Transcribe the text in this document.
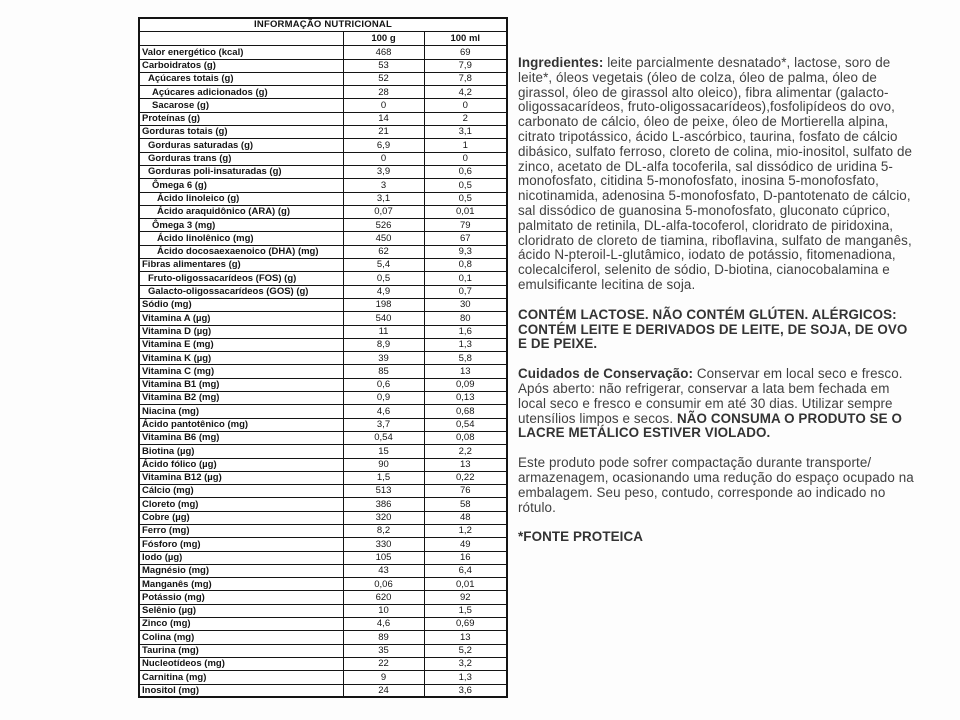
INFORMAÇÃO NUTRICIONAL		
	100 g	100 ml
Valor energético (kcal)	468	69
Carboidratos (g)	53	7,9
Açúcares totais (g)	52	7,8
Açúcares adicionados (g)	28	4,2
Sacarose (g)	0	0
Proteínas (g)	14	2
Gorduras totais (g)	21	3,1
Gorduras saturadas (g)	6,9	1
Gorduras trans (g)	0	0
Gorduras poli-insaturadas (g)	3,9	0,6
Ômega 6 (g)	3	0,5
Ácido linoleico (g)	3,1	0,5
Ácido araquidônico (ARA) (g)	0,07	0,01
Ômega 3 (mg)	526	79
Ácido linolênico (mg)	450	67
Ácido docosaexaenoico (DHA) (mg)	62	9,3
Fibras alimentares (g)	5,4	0,8
Fruto-oligossacarídeos (FOS) (g)	0,5	0,1
Galacto-oligossacarídeos (GOS) (g)	4,9	0,7
Sódio (mg)	198	30
Vitamina A (µg)	540	80
Vitamina D (µg)	11	1,6
Vitamina E (mg)	8,9	1,3
Vitamina K (µg)	39	5,8
Vitamina C (mg)	85	13
Vitamina B1 (mg)	0,6	0,09
Vitamina B2 (mg)	0,9	0,13
Niacina (mg)	4,6	0,68
Ácido pantotênico (mg)	3,7	0,54
Vitamina B6 (mg)	0,54	0,08
Biotina (µg)	15	2,2
Ácido fólico (µg)	90	13
Vitamina B12 (µg)	1,5	0,22
Cálcio (mg)	513	76
Cloreto (mg)	386	58
Cobre (µg)	320	48
Ferro (mg)	8,2	1,2
Fósforo (mg)	330	49
Iodo (µg)	105	16
Magnésio (mg)	43	6,4
Manganês (mg)	0,06	0,01
Potássio (mg)	620	92
Selênio (µg)	10	1,5
Zinco (mg)	4,6	0,69
Colina (mg)	89	13
Taurina (mg)	35	5,2
Nucleotídeos (mg)	22	3,2
Carnitina (mg)	9	1,3
Inositol (mg)	24	3,6

Ingredientes: leite parcialmente desnatado*, lactose, soro de leite*, óleos vegetais (óleo de colza, óleo de palma, óleo de girassol, óleo de girassol alto oleico), fibra alimentar (galacto-oligossacarídeos, fruto-oligossacarídeos),fosfolipídeos do ovo, carbonato de cálcio, óleo de peixe, óleo de Mortierella alpina, citrato tripotássico, ácido L-ascórbico, taurina, fosfato de cálcio dibásico, sulfato ferroso, cloreto de colina, mio-inositol, sulfato de zinco, acetato de DL-alfa tocoferila, sal dissódico de uridina 5-monofosfato, citidina 5-monofosfato, inosina 5-monofosfato, nicotinamida, adenosina 5-monofosfato, D-pantotenato de cálcio, sal dissódico de guanosina 5-monofosfato, gluconato cúprico, palmitato de retinila, DL-alfa-tocoferol, cloridrato de piridoxina, cloridrato de cloreto de tiamina, riboflavina, sulfato de manganês, ácido N-pteroil-L-glutâmico, iodato de potássio, fitomenadiona, colecalciferol, selenito de sódio, D-biotina, cianocobalamina e emulsificante lecitina de soja.

CONTÉM LACTOSE. NÃO CONTÉM GLÚTEN. ALÉRGICOS: CONTÉM LEITE E DERIVADOS DE LEITE, DE SOJA, DE OVO E DE PEIXE.

Cuidados de Conservação: Conservar em local seco e fresco. Após aberto: não refrigerar, conservar a lata bem fechada em local seco e fresco e consumir em até 30 dias. Utilizar sempre utensílios limpos e secos. NÃO CONSUMA O PRODUTO SE O LACRE METÁLICO ESTIVER VIOLADO.

Este produto pode sofrer compactação durante transporte/ armazenagem, ocasionando uma redução do espaço ocupado na embalagem. Seu peso, contudo, corresponde ao indicado no rótulo.

*FONTE PROTEICA
